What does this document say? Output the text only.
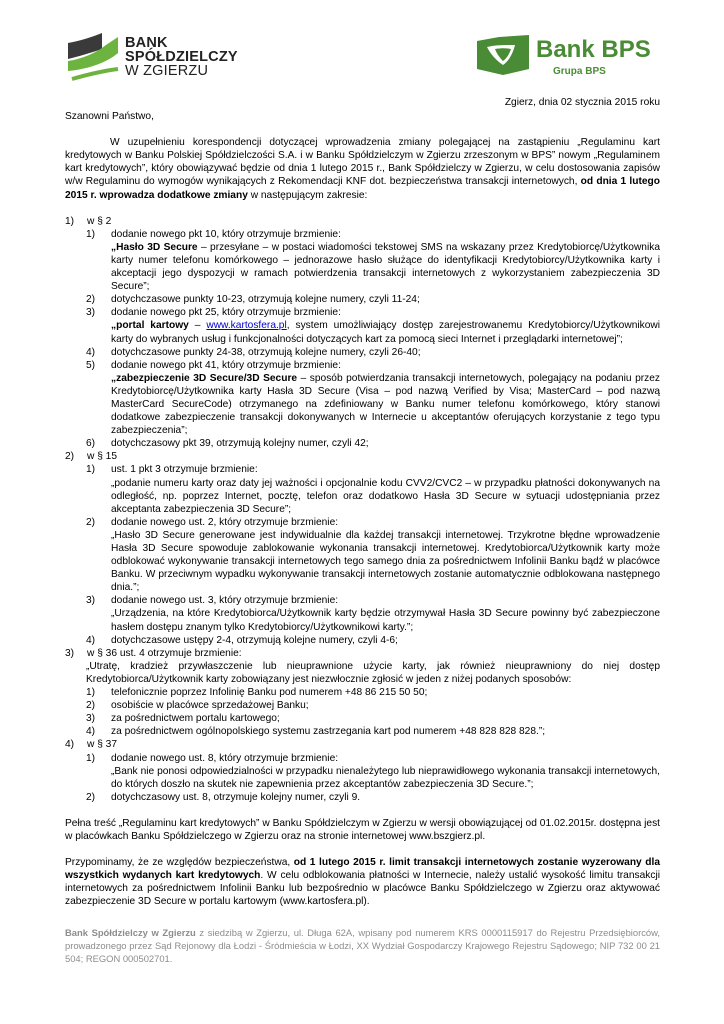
BANK
SPÓŁDZIELCZY
W ZGIERZU
Bank BPS
Grupa BPS
Zgierz, dnia 02 stycznia 2015 roku
Szanowni Państwo,
W uzupełnieniu korespondencji dotyczącej wprowadzenia zmiany polegającej na zastąpieniu „Regulaminu kart kredytowych w Banku Polskiej Spółdzielczości S.A. i w Banku Spółdzielczym w Zgierzu zrzeszonym w BPS” nowym „Regulaminem kart kredytowych”, który obowiązywać będzie od dnia 1 lutego 2015 r., Bank Spółdzielczy w Zgierzu, w celu dostosowania zapisów w/w Regulaminu do wymogów wynikających z Rekomendacji KNF dot. bezpieczeństwa transakcji internetowych, od dnia 1 lutego 2015 r. wprowadza dodatkowe zmiany w następującym zakresie:
1)	w § 2
1)	dodanie nowego pkt 10, który otrzymuje brzmienie:
„Hasło 3D Secure – przesyłane – w postaci wiadomości tekstowej SMS na wskazany przez Kredytobiorcę/Użytkownika karty numer telefonu komórkowego – jednorazowe hasło służące do identyfikacji Kredytobiorcy/Użytkownika karty i akceptacji jego dyspozycji w ramach potwierdzenia transakcji internetowych z wykorzystaniem zabezpieczenia 3D Secure”;
2)	dotychczasowe punkty 10-23, otrzymują kolejne numery, czyli 11-24;
3)	dodanie nowego pkt 25, który otrzymuje brzmienie:
„portal kartowy – www.kartosfera.pl, system umożliwiający dostęp zarejestrowanemu Kredytobiorcy/Użytkownikowi karty do wybranych usług i funkcjonalności dotyczących kart za pomocą sieci Internet i przeglądarki internetowej”;
4)	dotychczasowe punkty 24-38, otrzymują kolejne numery, czyli 26-40;
5)	dodanie nowego pkt 41, który otrzymuje brzmienie:
„zabezpieczenie 3D Secure/3D Secure – sposób potwierdzania transakcji internetowych, polegający na podaniu przez Kredytobiorcę/Użytkownika karty Hasła 3D Secure (Visa – pod nazwą Verified by Visa; MasterCard – pod nazwą MasterCard SecureCode) otrzymanego na zdefiniowany w Banku numer telefonu komórkowego, który stanowi dodatkowe zabezpieczenie transakcji dokonywanych w Internecie u akceptantów oferujących korzystanie z tego typu zabezpieczenia”;
6)	dotychczasowy pkt 39, otrzymują kolejny numer, czyli 42;
2)	w § 15
1)	ust. 1 pkt 3 otrzymuje brzmienie:
„podanie numeru karty oraz daty jej ważności i opcjonalnie kodu CVV2/CVC2 – w przypadku płatności dokonywanych na odległość, np. poprzez Internet, pocztę, telefon oraz dodatkowo Hasła 3D Secure w sytuacji udostępniania przez akceptanta zabezpieczenia 3D Secure”;
2)	dodanie nowego ust. 2, który otrzymuje brzmienie:
„Hasło 3D Secure generowane jest indywidualnie dla każdej transakcji internetowej. Trzykrotne błędne wprowadzenie Hasła 3D Secure spowoduje zablokowanie wykonania transakcji internetowej. Kredytobiorca/Użytkownik karty może odblokować wykonywanie transakcji internetowych tego samego dnia za pośrednictwem Infolinii Banku bądź w placówce Banku. W przeciwnym wypadku wykonywanie transakcji internetowych zostanie automatycznie odblokowana następnego dnia.”;
3)	dodanie nowego ust. 3, który otrzymuje brzmienie:
„Urządzenia, na które Kredytobiorca/Użytkownik karty będzie otrzymywał Hasła 3D Secure powinny być zabezpieczone hasłem dostępu znanym tylko Kredytobiorcy/Użytkownikowi karty.”;
4)	dotychczasowe ustępy 2-4, otrzymują kolejne numery, czyli 4-6;
3)	w § 36 ust. 4 otrzymuje brzmienie:
„Utratę, kradzież przywłaszczenie lub nieuprawnione użycie karty, jak również nieuprawniony do niej dostęp Kredytobiorca/Użytkownik karty zobowiązany jest niezwłocznie zgłosić w jeden z niżej podanych sposobów:
1)	telefonicznie poprzez Infolinię Banku pod numerem +48 86 215 50 50;
2)	osobiście w placówce sprzedażowej Banku;
3)	za pośrednictwem portalu kartowego;
4)	za pośrednictwem ogólnopolskiego systemu zastrzegania kart pod numerem +48 828 828 828.”;
4)	w § 37
1)	dodanie nowego ust. 8, który otrzymuje brzmienie:
„Bank nie ponosi odpowiedzialności w przypadku nienależytego lub nieprawidłowego wykonania transakcji internetowych, do których doszło na skutek nie zapewnienia przez akceptantów zabezpieczenia 3D Secure.”;
2)	dotychczasowy ust. 8, otrzymuje kolejny numer, czyli 9.
Pełna treść „Regulaminu kart kredytowych” w Banku Spółdzielczym w Zgierzu w wersji obowiązującej od 01.02.2015r. dostępna jest w placówkach Banku Spółdzielczego w Zgierzu oraz na stronie internetowej www.bszgierz.pl.
Przypominamy, że ze względów bezpieczeństwa, od 1 lutego 2015 r. limit transakcji internetowych zostanie wyzerowany dla wszystkich wydanych kart kredytowych. W celu odblokowania płatności w Internecie, należy ustalić wysokość limitu transakcji internetowych za pośrednictwem Infolinii Banku lub bezpośrednio w placówce Banku Spółdzielczego w Zgierzu oraz aktywować zabezpieczenie 3D Secure w portalu kartowym (www.kartosfera.pl).
Bank Spółdzielczy w Zgierzu z siedzibą w Zgierzu, ul. Długa 62A, wpisany pod numerem KRS 0000115917 do Rejestru Przedsiębiorców, prowadzonego przez Sąd Rejonowy dla Łodzi - Śródmieścia w Łodzi, XX Wydział Gospodarczy Krajowego Rejestru Sądowego; NIP 732 00 21 504; REGON 000502701.
